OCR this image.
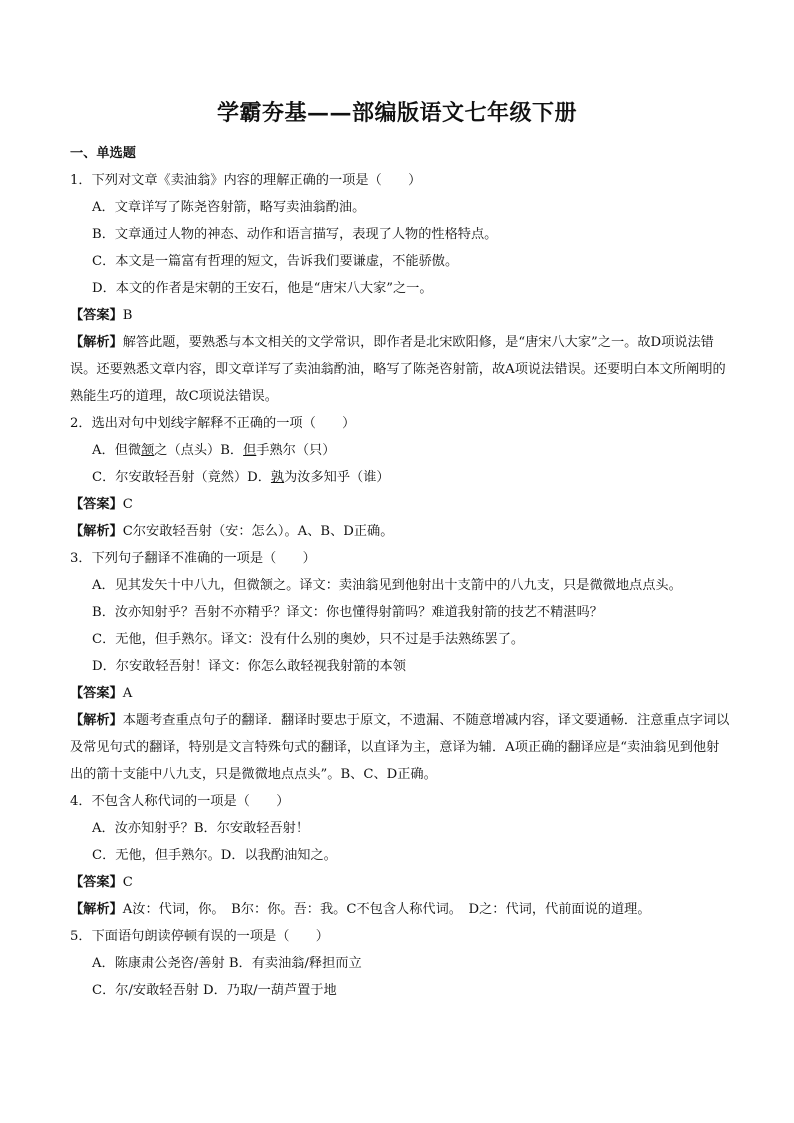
学霸夯基——部编版语文七年级下册
一、单选题
1．下列对文章《卖油翁》内容的理解正确的一项是（　　）
A．文章详写了陈尧咨射箭，略写卖油翁酌油。
B．文章通过人物的神态、动作和语言描写，表现了人物的性格特点。
C．本文是一篇富有哲理的短文，告诉我们要谦虚，不能骄傲。
D．本文的作者是宋朝的王安石，他是“唐宋八大家”之一。
【答案】B
【解析】解答此题，要熟悉与本文相关的文学常识，即作者是北宋欧阳修，是“唐宋八大家”之一。故D项说法错误。还要熟悉文章内容，即文章详写了卖油翁酌油，略写了陈尧咨射箭，故A项说法错误。还要明白本文所阐明的熟能生巧的道理，故C项说法错误。
2．选出对句中划线字解释不正确的一项（　　）
A．但微颔之（点头）B．但手熟尔（只）
C．尔安敢轻吾射（竟然）D．孰为汝多知乎（谁）
【答案】C
【解析】C尔安敢轻吾射（安：怎么）。A、B、D正确。
3．下列句子翻译不准确的一项是（　　）
A．见其发矢十中八九，但微颔之。译文：卖油翁见到他射出十支箭中的八九支，只是微微地点点头。
B．汝亦知射乎？吾射不亦精乎？译文：你也懂得射箭吗？难道我射箭的技艺不精湛吗？
C．无他，但手熟尔。译文：没有什么别的奥妙，只不过是手法熟练罢了。
D．尔安敢轻吾射！译文：你怎么敢轻视我射箭的本领
【答案】A
【解析】本题考查重点句子的翻译．翻译时要忠于原文，不遗漏、不随意增减内容，译文要通畅．注意重点字词以及常见句式的翻译，特别是文言特殊句式的翻译，以直译为主，意译为辅．A项正确的翻译应是“卖油翁见到他射出的箭十支能中八九支，只是微微地点点头”。B、C、D正确。
4．不包含人称代词的一项是（　　）
A．汝亦知射乎？B．尔安敢轻吾射！
C．无他，但手熟尔。D．以我酌油知之。
【答案】C
【解析】A汝：代词，你。　B尔：你。吾：我。C不包含人称代词。　D之：代词，代前面说的道理。
5．下面语句朗读停顿有误的一项是（　　）
A．陈康肃公尧咨/善射 B．有卖油翁/释担而立
C．尔/安敢轻吾射 D．乃取/一葫芦置于地
